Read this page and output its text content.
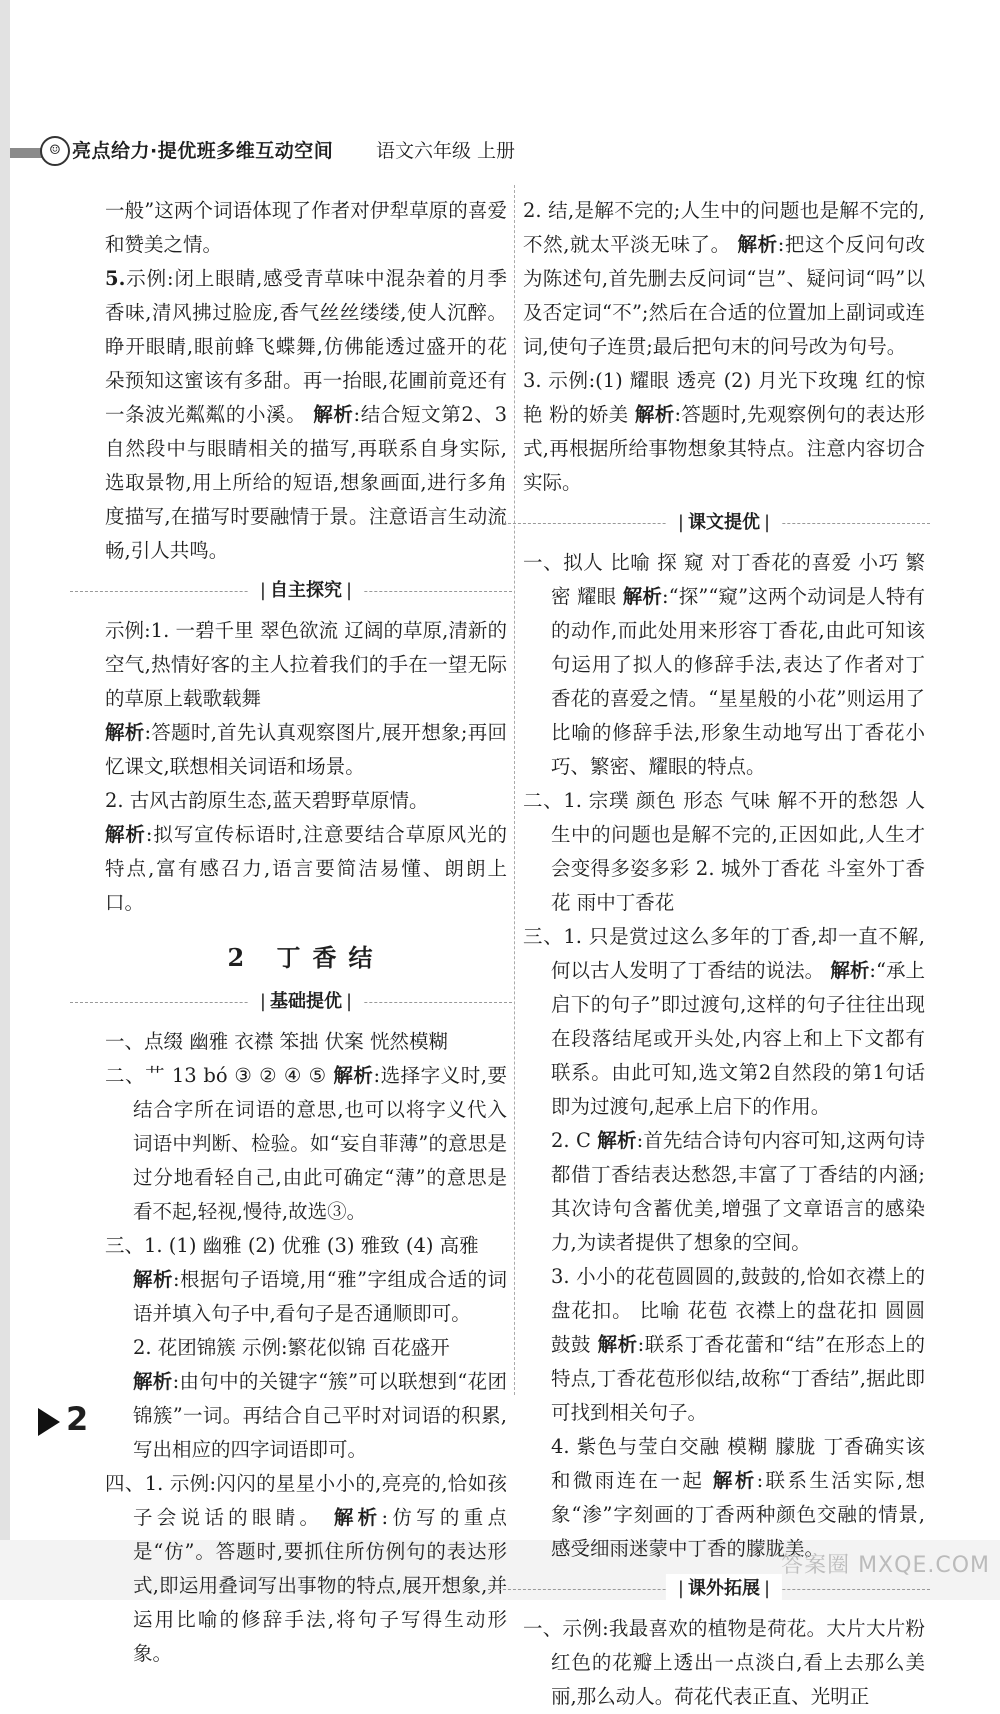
☺ 亮点给力·提优班多维互动空间 语文六年级 上册

一般”这两个词语体现了作者对伊犁草原的喜爱和赞美之情。

5.示例:闭上眼睛,感受青草味中混杂着的月季香味,清风拂过脸庞,香气丝丝缕缕,使人沉醉。睁开眼睛,眼前蜂飞蝶舞,仿佛能透过盛开的花朵预知这蜜该有多甜。再一抬眼,花圃前竟还有一条波光粼粼的小溪。 解析:结合短文第2、3自然段中与眼睛相关的描写,再联系自身实际,选取景物,用上所给的短语,想象画面,进行多角度描写,在描写时要融情于景。注意语言生动流畅,引人共鸣。

| 自主探究 |

示例:1. 一碧千里 翠色欲流 辽阔的草原,清新的空气,热情好客的主人拉着我们的手在一望无际的草原上载歌载舞
解析:答题时,首先认真观察图片,展开想象;再回忆课文,联想相关词语和场景。

2. 古风古韵原生态,蓝天碧野草原情。
解析:拟写宣传标语时,注意要结合草原风光的特点,富有感召力,语言要简洁易懂、朗朗上口。

2 丁香结
| 基础提优 |

一、点缀 幽雅 衣襟 笨拙 伏案 恍然模糊

二、艹 13 bó ③ ② ④ ⑤ 解析:选择字义时,要结合字所在词语的意思,也可以将字义代入词语中判断、检验。如“妄自菲薄”的意思是过分地看轻自己,由此可确定“薄”的意思是看不起,轻视,慢待,故选③。

三、1. (1) 幽雅 (2) 优雅 (3) 雅致 (4) 高雅
解析:根据句子语境,用“雅”字组成合适的词语并填入句子中,看句子是否通顺即可。
2. 花团锦簇 示例:繁花似锦 百花盛开
解析:由句中的关键字“簇”可以联想到“花团锦簇”一词。再结合自己平时对词语的积累,写出相应的四字词语即可。

四、1. 示例:闪闪的星星小小的,亮亮的,恰如孩子会说话的眼睛。 解析:仿写的重点是“仿”。答题时,要抓住所仿例句的表达形式,即运用叠词写出事物的特点,展开想象,并运用比喻的修辞手法,将句子写得生动形象。

2. 结,是解不完的;人生中的问题也是解不完的,不然,就太平淡无味了。 解析:把这个反问句改为陈述句,首先删去反问词“岂”、疑问词“吗”以及否定词“不”;然后在合适的位置加上副词或连词,使句子连贯;最后把句末的问号改为句号。

3. 示例:(1) 耀眼 透亮 (2) 月光下玫瑰 红的惊艳 粉的娇美 解析:答题时,先观察例句的表达形式,再根据所给事物想象其特点。注意内容切合实际。

| 课文提优 |

一、拟人 比喻 探 窥 对丁香花的喜爱 小巧 繁密 耀眼 解析:“探”“窥”这两个动词是人特有的动作,而此处用来形容丁香花,由此可知该句运用了拟人的修辞手法,表达了作者对丁香花的喜爱之情。“星星般的小花”则运用了比喻的修辞手法,形象生动地写出丁香花小巧、繁密、耀眼的特点。

二、1. 宗璞 颜色 形态 气味 解不开的愁怨 人生中的问题也是解不完的,正因如此,人生才会变得多姿多彩 2. 城外丁香花 斗室外丁香花 雨中丁香花

三、1. 只是赏过这么多年的丁香,却一直不解,何以古人发明了丁香结的说法。 解析:“承上启下的句子”即过渡句,这样的句子往往出现在段落结尾或开头处,内容上和上下文都有联系。由此可知,选文第2自然段的第1句话即为过渡句,起承上启下的作用。
2. C 解析:首先结合诗句内容可知,这两句诗都借丁香结表达愁怨,丰富了丁香结的内涵;其次诗句含蓄优美,增强了文章语言的感染力,为读者提供了想象的空间。
3. 小小的花苞圆圆的,鼓鼓的,恰如衣襟上的盘花扣。 比喻 花苞 衣襟上的盘花扣 圆圆鼓鼓 解析:联系丁香花蕾和“结”在形态上的特点,丁香花苞形似结,故称“丁香结”,据此即可找到相关句子。
4. 紫色与莹白交融 模糊 朦胧 丁香确实该和微雨连在一起 解析:联系生活实际,想象“渗”字刻画的丁香两种颜色交融的情景,感受细雨迷蒙中丁香的朦胧美。

| 课外拓展 |

一、示例:我最喜欢的植物是荷花。大片大片粉红色的花瓣上透出一点淡白,看上去那么美丽,那么动人。荷花代表正直、光明正

2
答案圈 MXQE.COM
